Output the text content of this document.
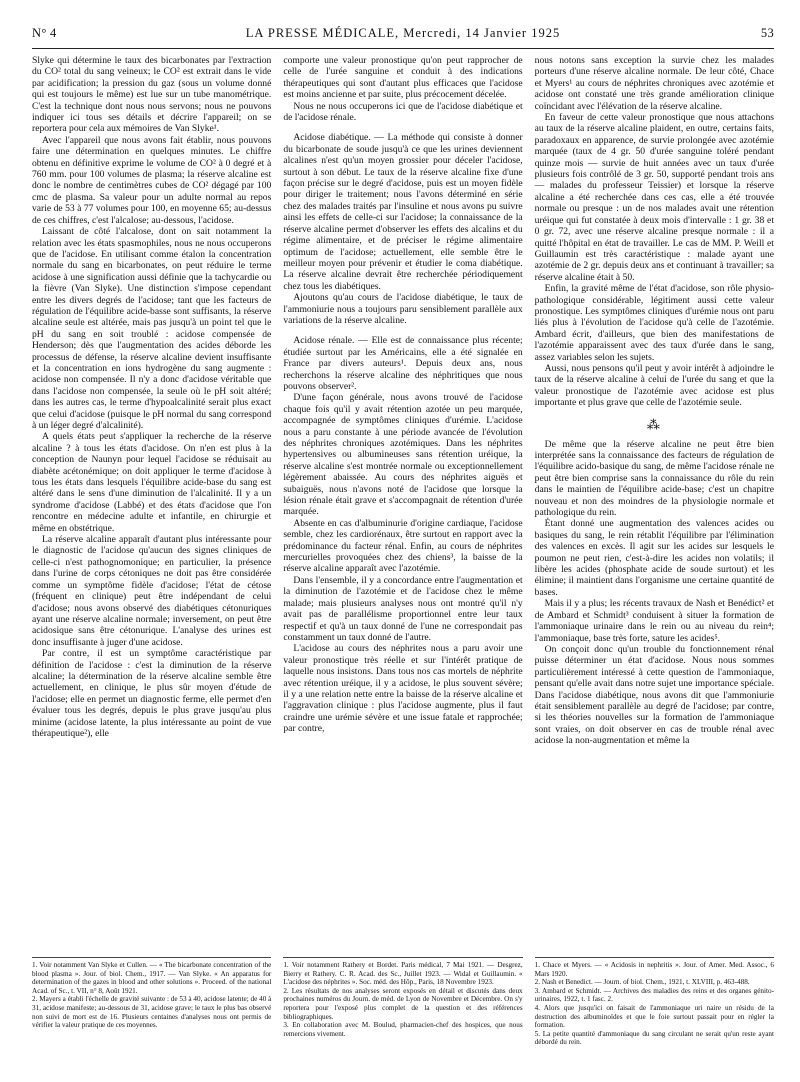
N° 4	LA PRESSE MÉDICALE, Mercredi, 14 Janvier 1925	53

Slyke qui détermine le taux des bicarbonates par l'extraction du CO² total du sang veineux; le CO² est extrait dans le vide par acidification; la pression du gaz (sous un volume donné qui est toujours le même) est lue sur un tube manométrique. C'est la technique dont nous nous servons; nous ne pouvons indiquer ici tous ses détails et décrire l'appareil; on se reportera pour cela aux mémoires de Van Slyke¹.

Avec l'appareil que nous avons fait établir, nous pouvons faire une détermination en quelques minutes. Le chiffre obtenu en définitive exprime le volume de CO² à 0 degré et à 760 mm. pour 100 volumes de plasma; la réserve alcaline est donc le nombre de centimètres cubes de CO² dégagé par 100 cmc de plasma. Sa valeur pour un adulte normal au repos varie de 53 à 77 volumes pour 100, en moyenne 65; au-dessus de ces chiffres, c'est l'alcalose; au-dessous, l'acidose.

Laissant de côté l'alcalose, dont on sait notamment la relation avec les états spasmophiles, nous ne nous occuperons que de l'acidose. En utilisant comme étalon la concentration normale du sang en bicarbonates, on peut réduire le terme acidose à une signification aussi définie que la tachycardie ou la fièvre (Van Slyke). Une distinction s'impose cependant entre les divers degrés de l'acidose; tant que les facteurs de régulation de l'équilibre acide-basse sont suffisants, la réserve alcaline seule est altérée, mais pas jusqu'à un point tel que le pH du sang en soit troublé : acidose compensée de Henderson; dès que l'augmentation des acides déborde les processus de défense, la réserve alcaline devient insuffisante et la concentration en ions hydrogène du sang augmente : acidose non compensée. Il n'y a donc d'acidose véritable que dans l'acidose non compensée, la seule où le pH soit altéré; dans les autres cas, le terme d'hypoalcalinité serait plus exact que celui d'acidose (puisque le pH normal du sang correspond à un léger degré d'alcalinité).

A quels états peut s'appliquer la recherche de la réserve alcaline ? à tous les états d'acidose. On n'en est plus à la conception de Naunyn pour lequel l'acidose se réduisait au diabète acétonémique; on doit appliquer le terme d'acidose à tous les états dans lesquels l'équilibre acide-base du sang est altéré dans le sens d'une diminution de l'alcalinité. Il y a un syndrome d'acidose (Labbé) et des états d'acidose que l'on rencontre en médecine adulte et infantile, en chirurgie et même en obstétrique.

La réserve alcaline apparaît d'autant plus intéressante pour le diagnostic de l'acidose qu'aucun des signes cliniques de celle-ci n'est pathognomonique; en particulier, la présence dans l'urine de corps cétoniques ne doit pas être considérée comme un symptôme fidèle d'acidose; l'état de cétose (fréquent en clinique) peut être indépendant de celui d'acidose; nous avons observé des diabétiques cétonuriques ayant une réserve alcaline normale; inversement, on peut être acidosique sans être cétonurique. L'analyse des urines est donc insuffisante à juger d'une acidose.

Par contre, il est un symptôme caractéristique par définition de l'acidose : c'est la diminution de la réserve alcaline; la détermination de la réserve alcaline semble être actuellement, en clinique, le plus sûr moyen d'étude de l'acidose; elle en permet un diagnostic ferme, elle permet d'en évaluer tous les degrés, depuis le plus grave jusqu'au plus minime (acidose latente, la plus intéressante au point de vue thérapeutique²), elle

1. Voir notamment Van Slyke et Cullen. — « The bicarbonate concentration of the blood plasma ». Jour. of biol. Chem., 1917. — Van Slyke. « An apparatus for determination of the gazes in blood and other solutions ». Proceed. of the national Acad. of Sc., t. VII, n° 8, Août 1921.
2. Mayers a établi l'échelle de gravité suivante : de 53 à 40, acidose latente; de 40 à 31, acidose manifeste; au-dessous de 31, acidose grave; le taux le plus bas observé non suivi de mort est de 16. Plusieurs centaines d'analyses nous ont permis de vérifier la valeur pratique de ces moyennes.

comporte une valeur pronostique qu'on peut rapprocher de celle de l'urée sanguine et conduit à des indications thérapeutiques qui sont d'autant plus efficaces que l'acidose est moins ancienne et par suite, plus précocement décelée.

Nous ne nous occuperons ici que de l'acidose diabétique et de l'acidose rénale.

Acidose diabétique. — La méthode qui consiste à donner du bicarbonate de soude jusqu'à ce que les urines deviennent alcalines n'est qu'un moyen grossier pour déceler l'acidose, surtout à son début. Le taux de la réserve alcaline fixe d'une façon précise sur le degré d'acidose, puis est un moyen fidèle pour diriger le traitement; nous l'avons déterminé en série chez des malades traités par l'insuline et nous avons pu suivre ainsi les effets de celle-ci sur l'acidose; la connaissance de la réserve alcaline permet d'observer les effets des alcalins et du régime alimentaire, et de préciser le régime alimentaire optimum de l'acidose; actuellement, elle semble être le meilleur moyen pour prévenir et étudier le coma diabétique. La réserve alcaline devrait être recherchée périodiquement chez tous les diabétiques.

Ajoutons qu'au cours de l'acidose diabétique, le taux de l'ammoniurie nous a toujours paru sensiblement parallèle aux variations de la réserve alcaline.

Acidose rénale. — Elle est de connaissance plus récente; étudiée surtout par les Américains, elle a été signalée en France par divers auteurs¹. Depuis deux ans, nous recherchons la réserve alcaline des néphritiques que nous pouvons observer².

D'une façon générale, nous avons trouvé de l'acidose chaque fois qu'il y avait rétention azotée un peu marquée, accompagnée de symptômes cliniques d'urémie. L'acidose nous a paru constante à une période avancée de l'évolution des néphrites chroniques azotémiques. Dans les néphrites hypertensives ou albumineuses sans rétention uréique, la réserve alcaline s'est montrée normale ou exceptionnellement légèrement abaissée. Au cours des néphrites aiguës et subaiguës, nous n'avons noté de l'acidose que lorsque la lésion rénale était grave et s'accompagnait de rétention d'urée marquée.

Absente en cas d'albuminurie d'origine cardiaque, l'acidose semble, chez les cardiorénaux, être surtout en rapport avec la prédominance du facteur rénal. Enfin, au cours de néphrites mercurielles provoquées chez des chiens³, la baisse de la réserve alcaline apparaît avec l'azotémie.

Dans l'ensemble, il y a concordance entre l'augmentation et la diminution de l'azotémie et de l'acidose chez le même malade; mais plusieurs analyses nous ont montré qu'il n'y avait pas de parallélisme proportionnel entre leur taux respectif et qu'à un taux donné de l'une ne correspondait pas constamment un taux donné de l'autre.

L'acidose au cours des néphrites nous a paru avoir une valeur pronostique très réelle et sur l'intérêt pratique de laquelle nous insistons. Dans tous nos cas mortels de néphrite avec rétention uréique, il y a acidose, le plus souvent sévère; il y a une relation nette entre la baisse de la réserve alcaline et l'aggravation clinique : plus l'acidose augmente, plus il faut craindre une urémie sévère et une issue fatale et rapprochée; par contre,

1. Voir notamment Rathery et Bordet. Paris médical, 7 Mai 1921. — Desgrez, Bierry et Rathery. C. R. Acad. des Sc., Juillet 1923. — Widal et Guillaumin. « L'acidose des néphrites ». Soc. méd. des Hôp., Paris, 18 Novembre 1923.
2. Les résultats de nos analyses seront exposés en détail et discutés dans deux prochaines numéros du Journ. de méd. de Lyon de Novembre et Décembre. On s'y reportera pour l'exposé plus complet de la question et des références bibliographiques.
3. En collaboration avec M. Boulud, pharmacien-chef des hospices, que nous remercions vivement.

nous notons sans exception la survie chez les malades porteurs d'une réserve alcaline normale. De leur côté, Chace et Myers¹ au cours de néphrites chroniques avec azotémie et acidose ont constaté une très grande amélioration clinique coïncidant avec l'élévation de la réserve alcaline.

En faveur de cette valeur pronostique que nous attachons au taux de la réserve alcaline plaident, en outre, certains faits, paradoxaux en apparence, de survie prolongée avec azotémie marquée (taux de 4 gr. 50 d'urée sanguine toléré pendant quinze mois — survie de huit années avec un taux d'urée plusieurs fois contrôlé de 3 gr. 50, supporté pendant trois ans — malades du professeur Teissier) et lorsque la réserve alcaline a été recherchée dans ces cas, elle a été trouvée normale ou presque : un de nos malades avait une rétention uréique qui fut constatée à deux mois d'intervalle : 1 gr. 38 et 0 gr. 72, avec une réserve alcaline presque normale : il a quitté l'hôpital en état de travailler. Le cas de MM. P. Weill et Guillaumin est très caractéristique : malade ayant une azotémie de 2 gr. depuis deux ans et continuant à travailler; sa réserve alcaline était à 50.

Enfin, la gravité même de l'état d'acidose, son rôle physio-pathologique considérable, légitiment aussi cette valeur pronostique. Les symptômes cliniques d'urémie nous ont paru liés plus à l'évolution de l'acidose qu'à celle de l'azotémie. Ambard écrit, d'ailleurs, que bien des manifestations de l'azotémie apparaissent avec des taux d'urée dans le sang, assez variables selon les sujets.

Aussi, nous pensons qu'il peut y avoir intérêt à adjoindre le taux de la réserve alcaline à celui de l'urée du sang et que la valeur pronostique de l'azotémie avec acidose est plus importante et plus grave que celle de l'azotémie seule.

⁂

De même que la réserve alcaline ne peut être bien interprétée sans la connaissance des facteurs de régulation de l'équilibre acido-basique du sang, de même l'acidose rénale ne peut être bien comprise sans la connaissance du rôle du rein dans le maintien de l'équilibre acide-base; c'est un chapitre nouveau et non des moindres de la physiologie normale et pathologique du rein.

Étant donné une augmentation des valences acides ou basiques du sang, le rein rétablit l'équilibre par l'élimination des valences en excès. Il agit sur les acides sur lesquels le poumon ne peut rien, c'est-à-dire les acides non volatils; il libère les acides (phosphate acide de soude surtout) et les élimine; il maintient dans l'organisme une certaine quantité de bases.

Mais il y a plus; les récents travaux de Nash et Benédict² et de Ambard et Schmidt³ conduisent à situer la formation de l'ammoniaque urinaire dans le rein ou au niveau du rein⁴; l'ammoniaque, base très forte, sature les acides⁵.

On conçoit donc qu'un trouble du fonctionnement rénal puisse déterminer un état d'acidose. Nous nous sommes particulièrement intéressé à cette question de l'ammoniaque, pensant qu'elle avait dans notre sujet une importance spéciale. Dans l'acidose diabétique, nous avons dit que l'ammoniurie était sensiblement parallèle au degré de l'acidose; par contre, si les théories nouvelles sur la formation de l'ammoniaque sont vraies, on doit observer en cas de trouble rénal avec acidose la non-augmentation et même la

1. Chace et Myers. — « Acidosis in nephritis ». Jour. of Amer. Med. Assoc., 6 Mars 1920.
2. Nash et Benedict. — Journ. of biol. Chem., 1921, t. XLVIII, p. 463-488.
3. Ambard et Schmidt. — Archives des maladies des reins et des organes génito-urinaires, 1922, t. 1 fasc. 2.
4. Alors que jusqu'ici on faisait de l'ammoniaque uri naire un résidu de la destruction des albuminoïdes et que le foie surtout passait pour en régler la formation.
5. La petite quantité d'ammoniaque du sang circulant ne serait qu'un reste ayant débordé du rein.
